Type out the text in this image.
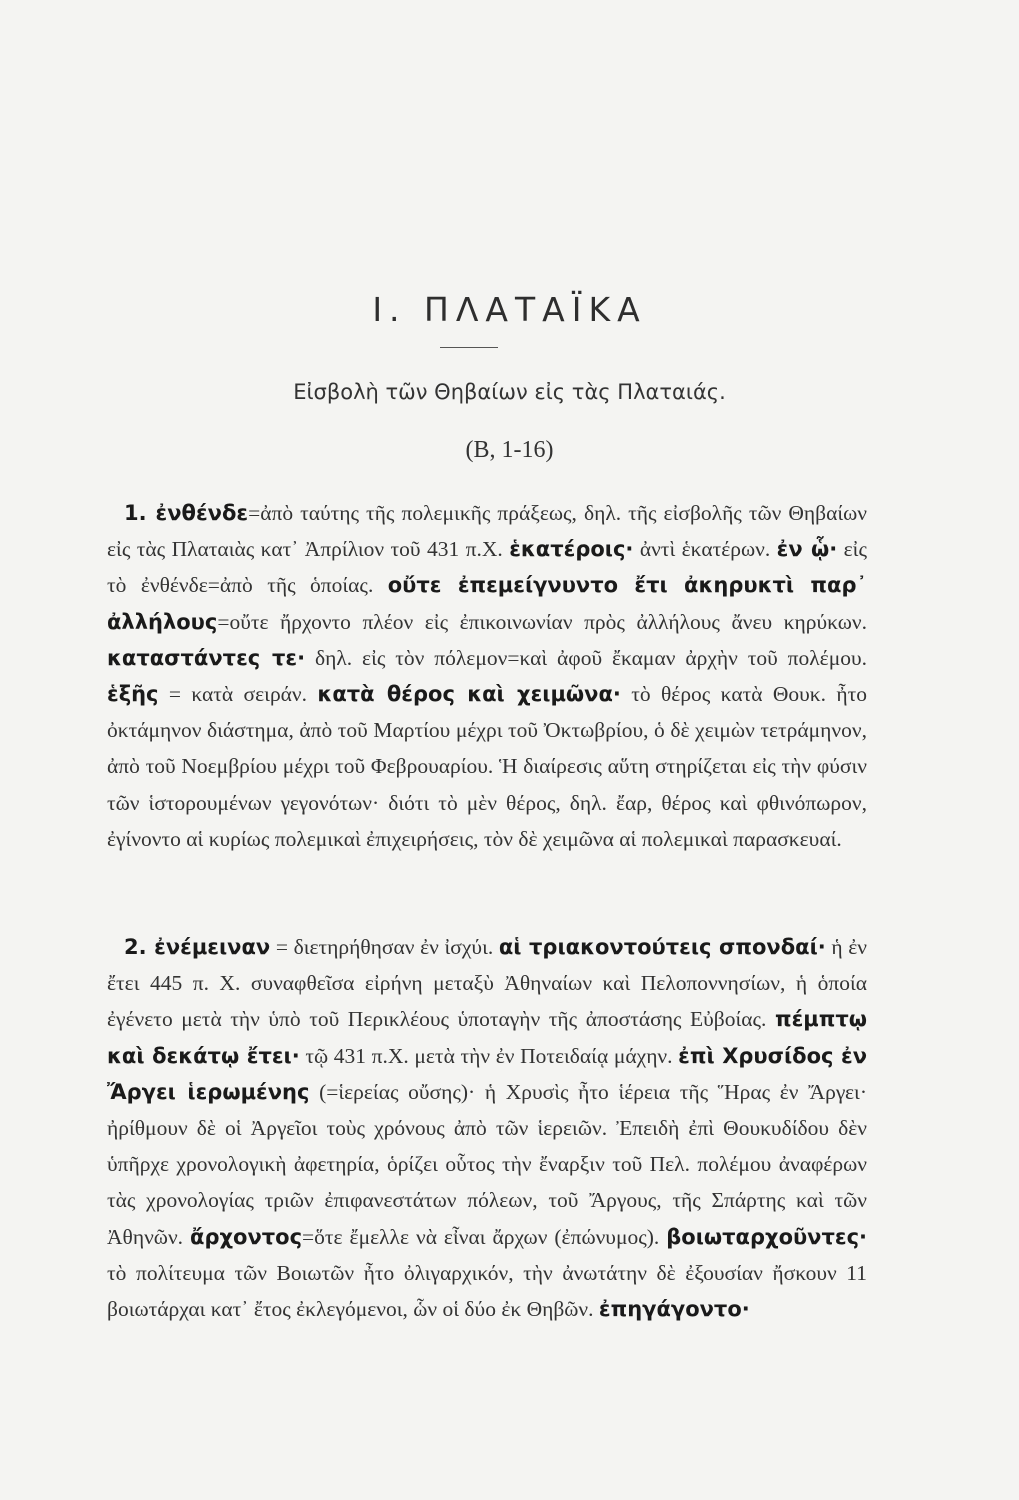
I. ΠΛΑΤΑΪΚΑ
Εἰσβολὴ τῶν Θηβαίων εἰς τὰς Πλαταιάς.
(Β, 1-16)

1. ἐνθένδε=ἀπὸ ταύτης τῆς πολεμικῆς πράξεως, δηλ. τῆς εἰσβολῆς τῶν Θηβαίων εἰς τὰς Πλαταιὰς κατ᾿ Ἀπρίλιον τοῦ 431 π.Χ. ἑκατέροις· ἀντὶ ἑκατέρων. ἐν ᾧ· εἰς τὸ ἐνθένδε=ἀπὸ τῆς ὁποίας. οὔτε ἐπεμείγνυντο ἔτι ἀκηρυκτὶ παρ᾿ ἀλλήλους=οὔτε ἤρχοντο πλέον εἰς ἐπικοινωνίαν πρὸς ἀλλήλους ἄνευ κηρύκων. καταστάντες τε· δηλ. εἰς τὸν πόλεμον=καὶ ἀφοῦ ἔκαμαν ἀρχὴν τοῦ πολέμου. ἑξῆς = κατὰ σειράν. κατὰ θέρος καὶ χειμῶνα· τὸ θέρος κατὰ Θουκ. ἦτο ὀκτάμηνον διάστημα, ἀπὸ τοῦ Μαρτίου μέχρι τοῦ Ὀκτωβρίου, ὁ δὲ χειμὼν τετράμηνον, ἀπὸ τοῦ Νοεμβρίου μέχρι τοῦ Φεβρουαρίου. Ἡ διαίρεσις αὕτη στηρίζεται εἰς τὴν φύσιν τῶν ἱστορουμένων γεγονότων· διότι τὸ μὲν θέρος, δηλ. ἔαρ, θέρος καὶ φθινόπωρον, ἐγίνοντο αἱ κυρίως πολεμικαὶ ἐπιχειρήσεις, τὸν δὲ χειμῶνα αἱ πολεμικαὶ παρασκευαί.

2. ἐνέμειναν = διετηρήθησαν ἐν ἰσχύι. αἱ τριακοντούτεις σπονδαί· ἡ ἐν ἔτει 445 π. Χ. συναφθεῖσα εἰρήνη μεταξὺ Ἀθηναίων καὶ Πελοποννησίων, ἡ ὁποία ἐγένετο μετὰ τὴν ὑπὸ τοῦ Περικλέους ὑποταγὴν τῆς ἀποστάσης Εὐβοίας. πέμπτῳ καὶ δεκάτῳ ἔτει· τῷ 431 π.Χ. μετὰ τὴν ἐν Ποτειδαίᾳ μάχην. ἐπὶ Χρυσίδος ἐν Ἄργει ἱερωμένης (=ἱερείας οὔσης)· ἡ Χρυσὶς ἦτο ἱέρεια τῆς Ἥρας ἐν Ἄργει· ἠρίθμουν δὲ οἱ Ἀργεῖοι τοὺς χρόνους ἀπὸ τῶν ἱερειῶν. Ἐπειδὴ ἐπὶ Θουκυδίδου δὲν ὑπῆρχε χρονολογικὴ ἀφετηρία, ὁρίζει οὗτος τὴν ἔναρξιν τοῦ Πελ. πολέμου ἀναφέρων τὰς χρονολογίας τριῶν ἐπιφανεστάτων πόλεων, τοῦ Ἄργους, τῆς Σπάρτης καὶ τῶν Ἀθηνῶν. ἄρχοντος=ὅτε ἔμελλε νὰ εἶναι ἄρχων (ἐπώνυμος). βοιωταρχοῦντες· τὸ πολίτευμα τῶν Βοιωτῶν ἦτο ὀλιγαρχικόν, τὴν ἀνωτάτην δὲ ἐξουσίαν ἤσκουν 11 βοιωτάρχαι κατ᾿ ἔτος ἐκλεγόμενοι, ὧν οἱ δύο ἐκ Θηβῶν. ἐπηγάγοντο·
